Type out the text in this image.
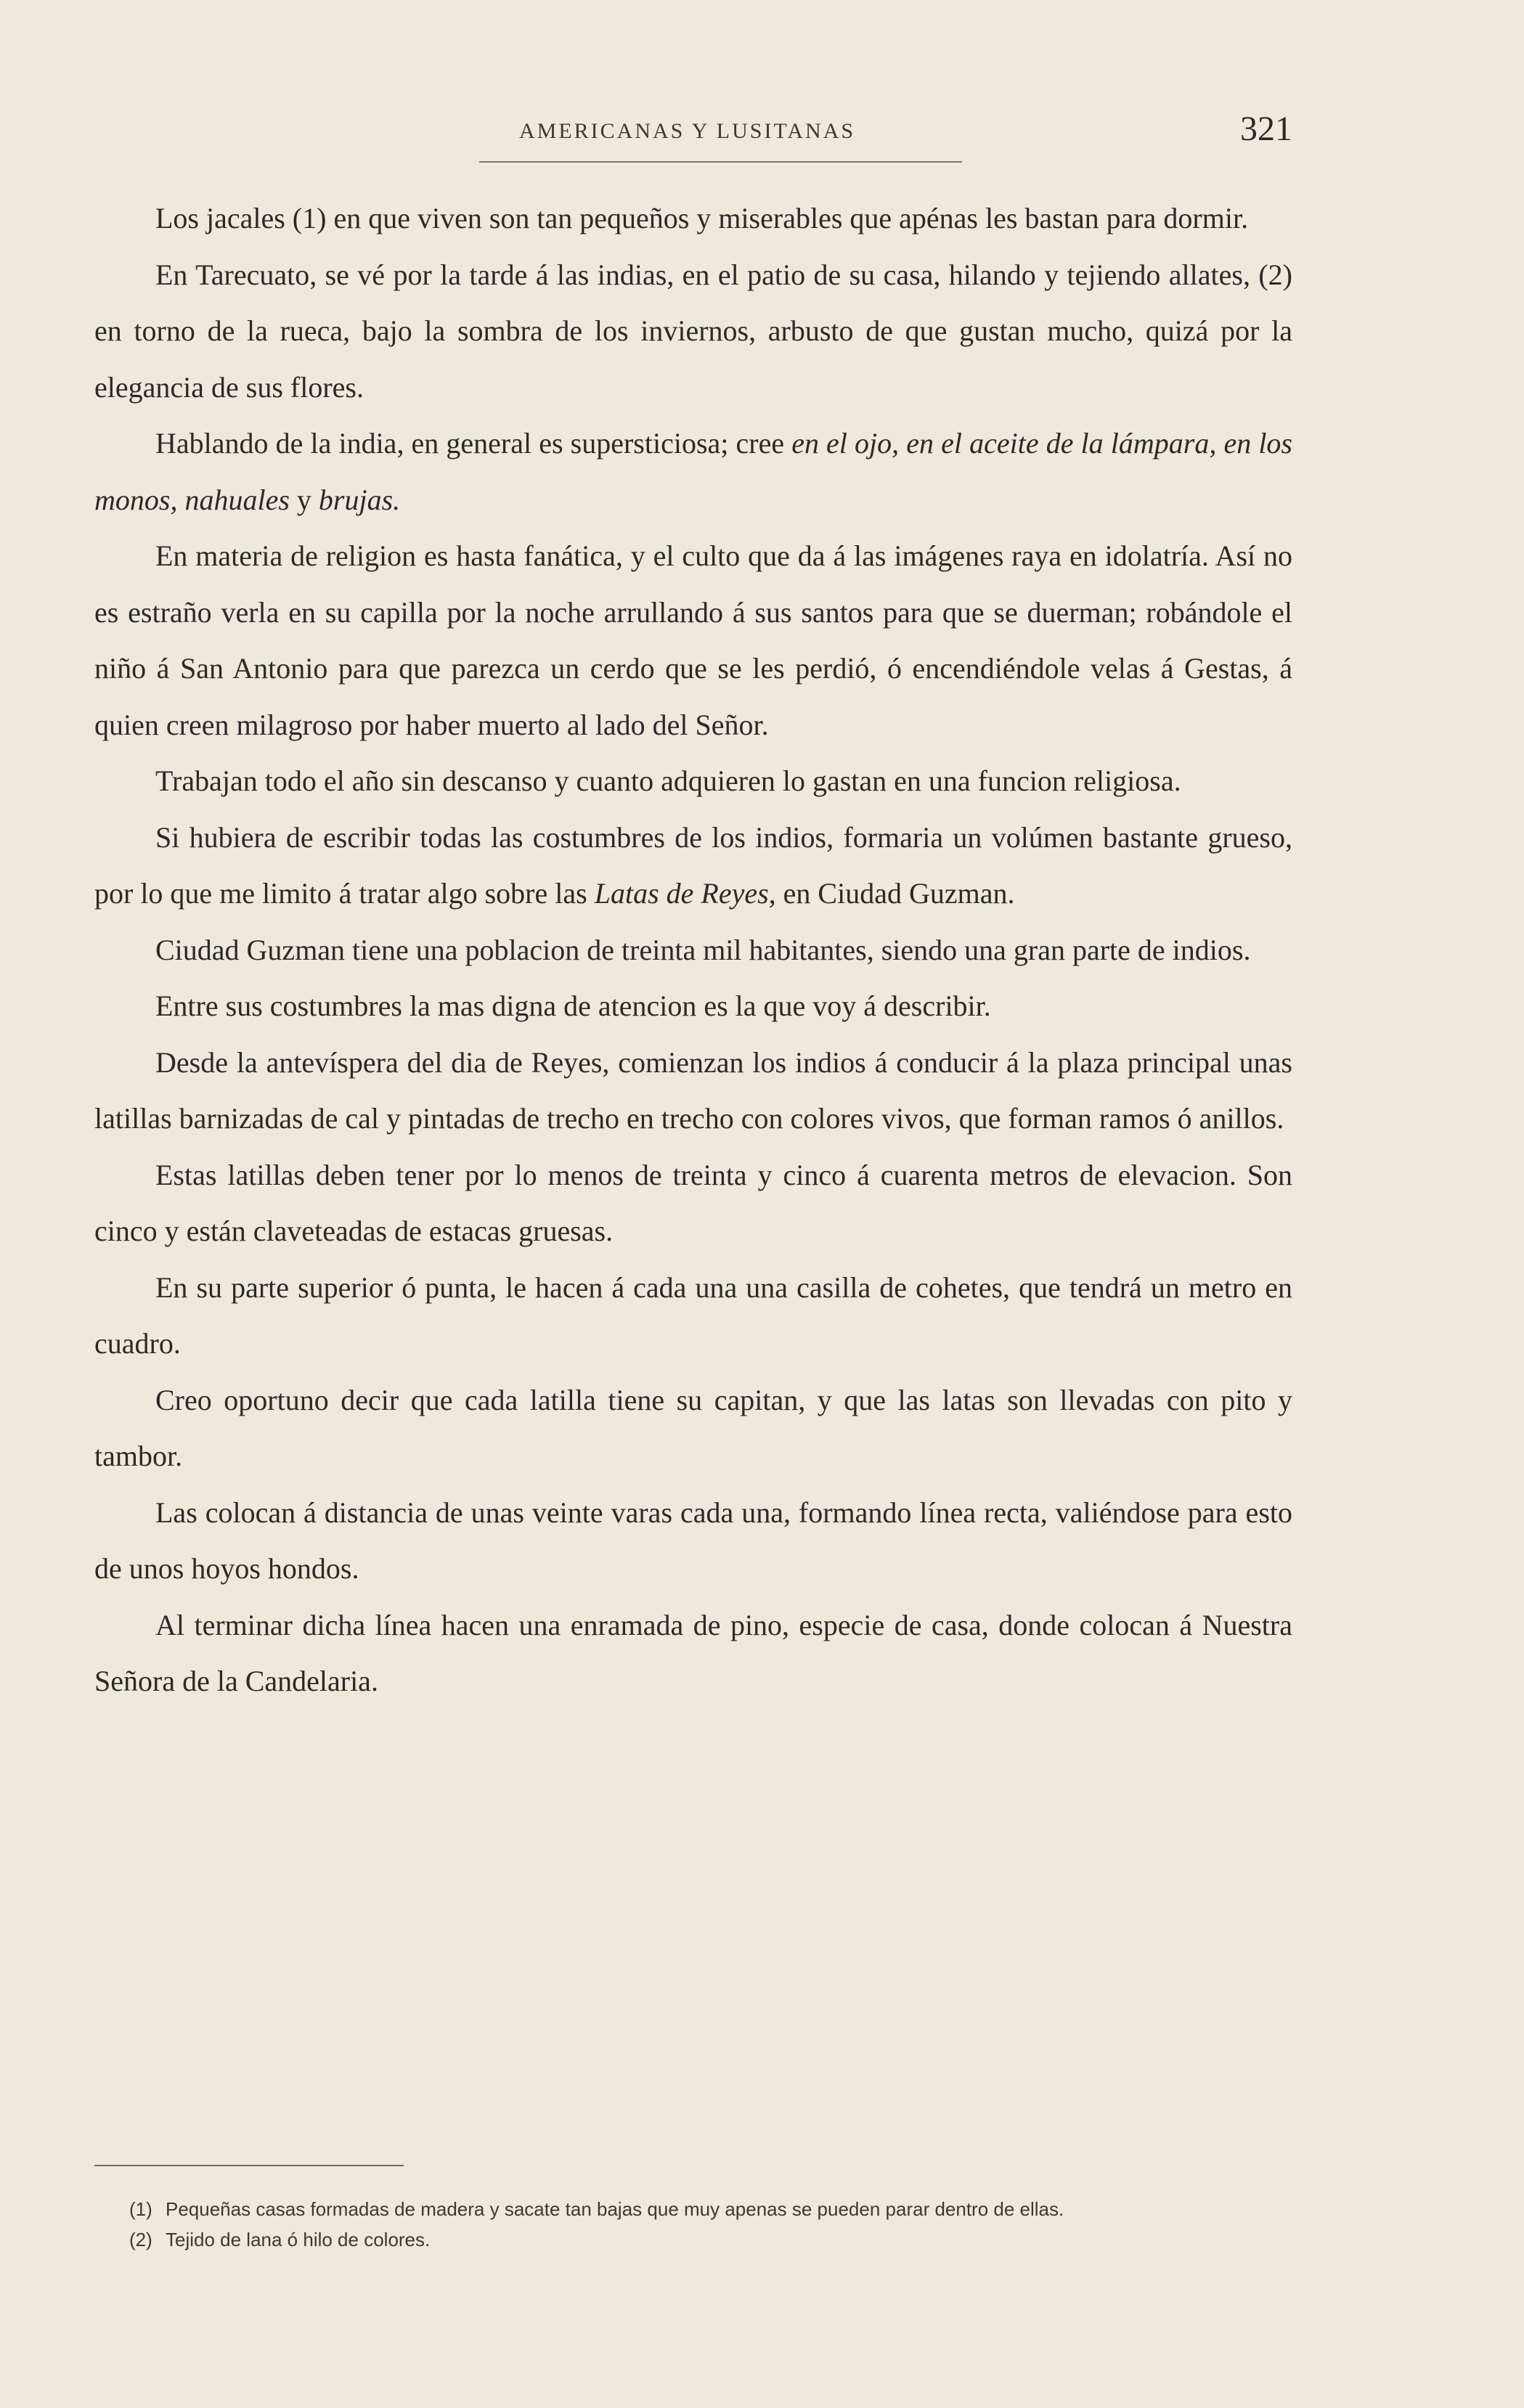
AMERICANAS Y LUSITANAS	321

Los jacales (1) en que viven son tan pequeños y miserables que apénas les bastan para dormir.

En Tarecuato, se vé por la tarde á las indias, en el patio de su casa, hilando y tejiendo allates, (2) en torno de la rueca, bajo la sombra de los inviernos, arbusto de que gustan mucho, quizá por la elegancia de sus flores.

Hablando de la india, en general es supersticiosa; cree en el ojo, en el aceite de la lámpara, en los monos, nahuales y brujas.

En materia de religion es hasta fanática, y el culto que da á las imágenes raya en idolatría. Así no es estraño verla en su capilla por la noche arrullando á sus santos para que se duerman; robándole el niño á San Antonio para que parezca un cerdo que se les perdió, ó encendiéndole velas á Gestas, á quien creen milagroso por haber muerto al lado del Señor.

Trabajan todo el año sin descanso y cuanto adquieren lo gastan en una funcion religiosa.

Si hubiera de escribir todas las costumbres de los indios, formaria un volúmen bastante grueso, por lo que me limito á tratar algo sobre las Latas de Reyes, en Ciudad Guzman.

Ciudad Guzman tiene una poblacion de treinta mil habitantes, siendo una gran parte de indios.

Entre sus costumbres la mas digna de atencion es la que voy á describir.

Desde la antevíspera del dia de Reyes, comienzan los indios á conducir á la plaza principal unas latillas barnizadas de cal y pintadas de trecho en trecho con colores vivos, que forman ramos ó anillos.

Estas latillas deben tener por lo menos de treinta y cinco á cuarenta metros de elevacion. Son cinco y están claveteadas de estacas gruesas.

En su parte superior ó punta, le hacen á cada una una casilla de cohetes, que tendrá un metro en cuadro.

Creo oportuno decir que cada latilla tiene su capitan, y que las latas son llevadas con pito y tambor.

Las colocan á distancia de unas veinte varas cada una, formando línea recta, valiéndose para esto de unos hoyos hondos.

Al terminar dicha línea hacen una enramada de pino, especie de casa, donde colocan á Nuestra Señora de la Candelaria.

(1) Pequeñas casas formadas de madera y sacate tan bajas que muy apenas se pueden parar dentro de ellas.
(2) Tejido de lana ó hilo de colores.
